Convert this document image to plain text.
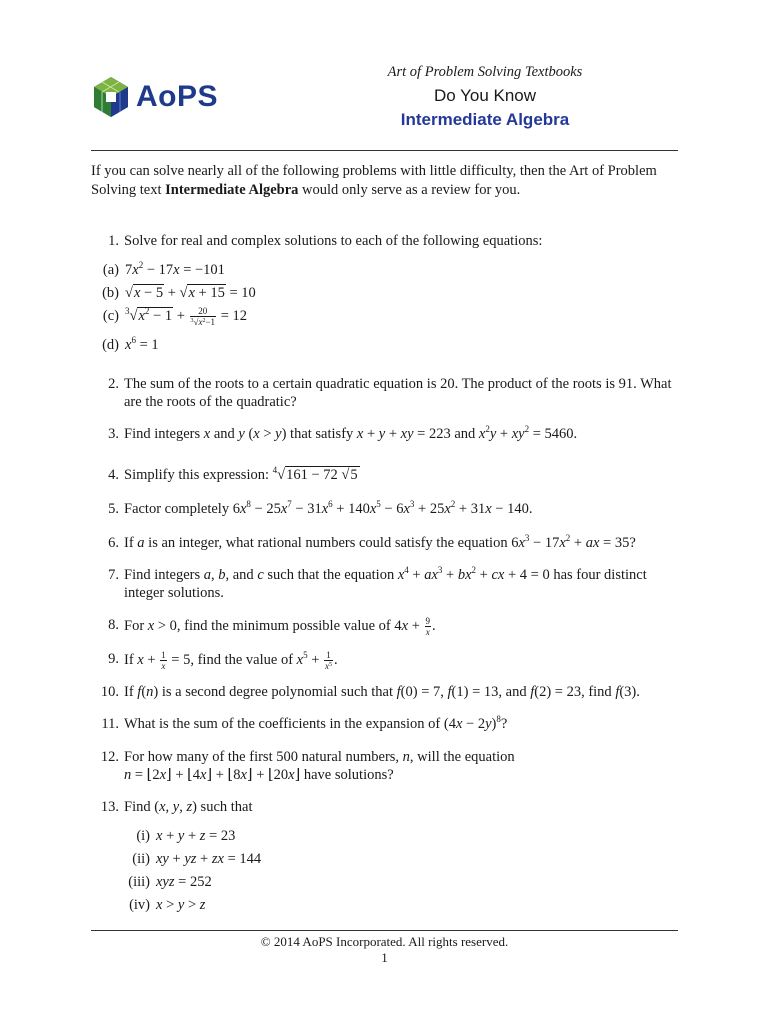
AoPS
Art of Problem Solving Textbooks
Do You Know
Intermediate Algebra
If you can solve nearly all of the following problems with little difficulty, then the Art of Problem Solving text Intermediate Algebra would only serve as a review for you.
1. Solve for real and complex solutions to each of the following equations:
(a) $7x^2 - 17x = -101$
(b) √x − 5 + √x + 15 = 10
(c) $^3√x^2 - 1 + \frac{20}{^3√x^2-1} = 12$
(d) $x^6 = 1$
2. The sum of the roots to a certain quadratic equation is 20. The product of the roots is 91. What are the roots of the quadratic?
3. Find integers x and y (x > y) that satisfy x + y + xy = 223 and $x^2y + xy^2 = 5460$.
4. Simplify this expression: $^4$√161 − 72 √5
5. Factor completely $6x^8 - 25x^7 - 31x^6 + 140x^5 - 6x^3 + 25x^2 + 31x - 140$.
6. If a is an integer, what rational numbers could satisfy the equation $6x^3 - 17x^2$ + ax = 35?
7. Find integers a, b, and c such that the equation $x^4 + ax^3 + bx^2$ + cx + 4 = 0 has four distinct integer solutions.
8. For x > 0, find the minimum possible value of $4x + \frac{9}{x}$ .
9. If $x + \frac{1}{x} = 5$, find the value of $x^5 + \frac{1}{x^5}$ .
10. If f(n) is a second degree polynomial such that f(0) = 7, f(1) = 13, and f(2) = 23, find f(3).
11. What is the sum of the coefficients in the expansion of $(4x - 2y)^8$?
12. For how many of the first 500 natural numbers, n, will the equation
n = ⌊2x⌋ + ⌊4x⌋ + ⌊8x⌋ + ⌊20x⌋ have solutions?
13. Find (x, y, z) such that
(i) x + y + z = 23
(ii) xy + yz + zx = 144
(iii) xyz = 252
(iv) x > y > z
© 2014 AoPS Incorporated. All rights reserved.
1
